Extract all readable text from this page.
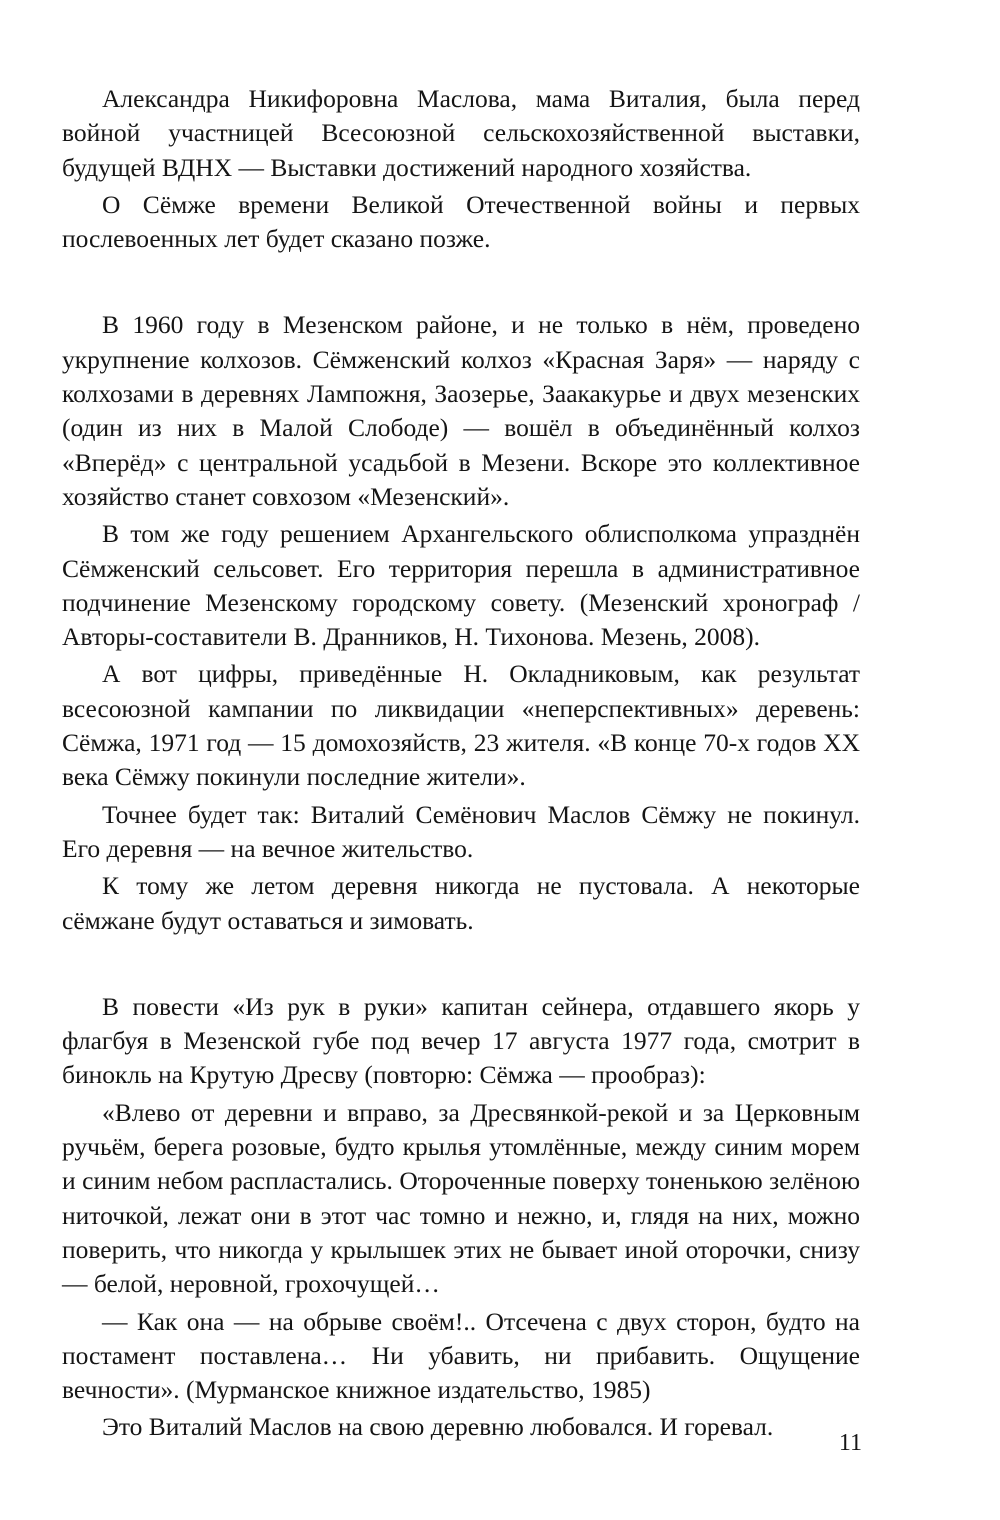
Александра Никифоровна Маслова, мама Виталия, была перед войной участницей Всесоюзной сельскохозяйственной выставки, будущей ВДНХ — Выставки достижений народного хозяйства.

О Сёмже времени Великой Отечественной войны и первых послевоенных лет будет сказано позже.

В 1960 году в Мезенском районе, и не только в нём, проведено укрупнение колхозов. Сёмженский колхоз «Красная Заря» — наряду с колхозами в деревнях Лампожня, Заозерье, Заакакурье и двух мезенских (один из них в Малой Слободе) — вошёл в объединённый колхоз «Вперёд» с центральной усадьбой в Мезени. Вскоре это коллективное хозяйство станет совхозом «Мезенский».

В том же году решением Архангельского облисполкома упразднён Сёмженский сельсовет. Его территория перешла в административное подчинение Мезенскому городскому совету. (Мезенский хронограф / Авторы-составители В. Дранников, Н. Тихонова. Мезень, 2008).

А вот цифры, приведённые Н. Окладниковым, как результат всесоюзной кампании по ликвидации «неперспективных» деревень: Сёмжа, 1971 год — 15 домохозяйств, 23 жителя. «В конце 70-х годов XX века Сёмжу покинули последние жители».

Точнее будет так: Виталий Семёнович Маслов Сёмжу не покинул. Его деревня — на вечное жительство.

К тому же летом деревня никогда не пустовала. А некоторые сёмжане будут оставаться и зимовать.

В повести «Из рук в руки» капитан сейнера, отдавшего якорь у флагбуя в Мезенской губе под вечер 17 августа 1977 года, смотрит в бинокль на Крутую Дресву (повторю: Сёмжа — прообраз):

«Влево от деревни и вправо, за Дресвянкой-рекой и за Церковным ручьём, берега розовые, будто крылья утомлённые, между синим морем и синим небом распластались. Отороченные поверху тоненькою зелёною ниточкой, лежат они в этот час томно и нежно, и, глядя на них, можно поверить, что никогда у крылышек этих не бывает иной оторочки, снизу — белой, неровной, грохочущей…

— Как она — на обрыве своём!.. Отсечена с двух сторон, будто на постамент поставлена… Ни убавить, ни прибавить. Ощущение вечности». (Мурманское книжное издательство, 1985)

Это Виталий Маслов на свою деревню любовался. И горевал.

11
